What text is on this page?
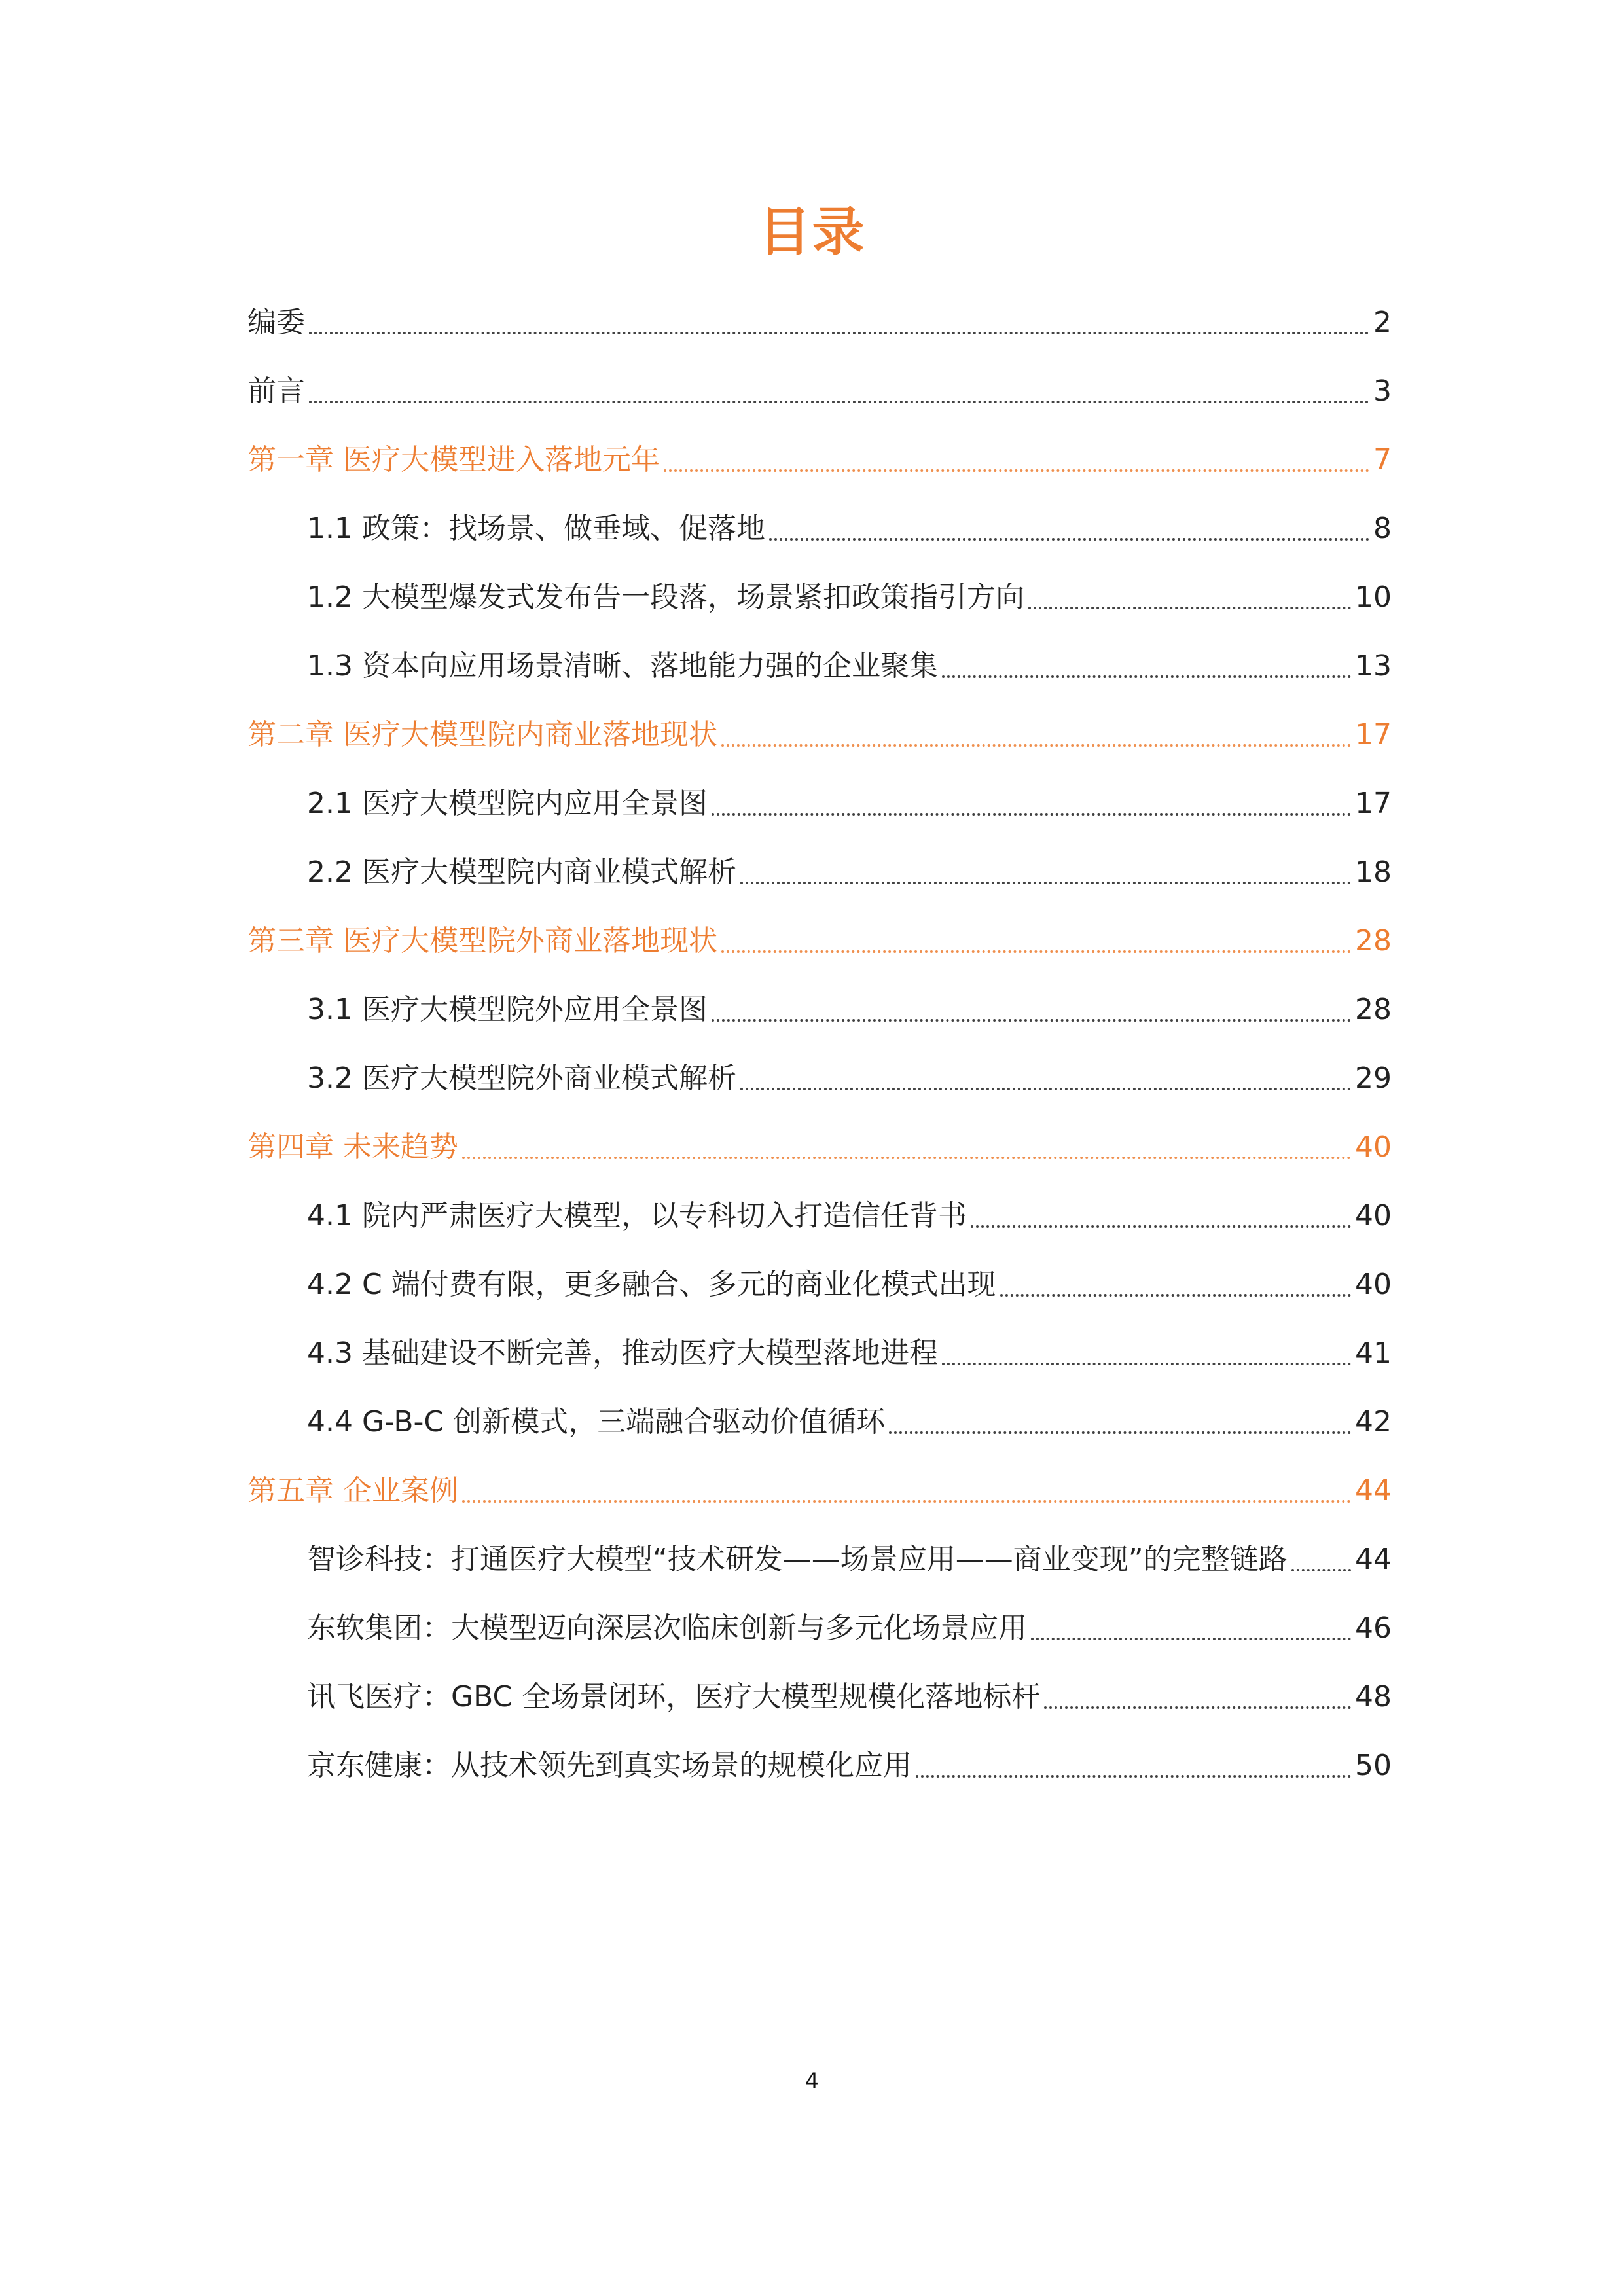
目录
编委	2
前言	3
第一章 医疗大模型进入落地元年	7
1.1 政策：找场景、做垂域、促落地	8
1.2 大模型爆发式发布告一段落，场景紧扣政策指引方向	10
1.3 资本向应用场景清晰、落地能力强的企业聚集	13
第二章 医疗大模型院内商业落地现状	17
2.1 医疗大模型院内应用全景图	17
2.2 医疗大模型院内商业模式解析	18
第三章 医疗大模型院外商业落地现状	28
3.1 医疗大模型院外应用全景图	28
3.2 医疗大模型院外商业模式解析	29
第四章 未来趋势	40
4.1 院内严肃医疗大模型，以专科切入打造信任背书	40
4.2 C 端付费有限，更多融合、多元的商业化模式出现	40
4.3 基础建设不断完善，推动医疗大模型落地进程	41
4.4 G-B-C 创新模式，三端融合驱动价值循环	42
第五章 企业案例	44
智诊科技：打通医疗大模型“技术研发——场景应用——商业变现”的完整链路 44
东软集团：大模型迈向深层次临床创新与多元化场景应用	46
讯飞医疗：GBC 全场景闭环，医疗大模型规模化落地标杆	48
京东健康：从技术领先到真实场景的规模化应用	50
4
